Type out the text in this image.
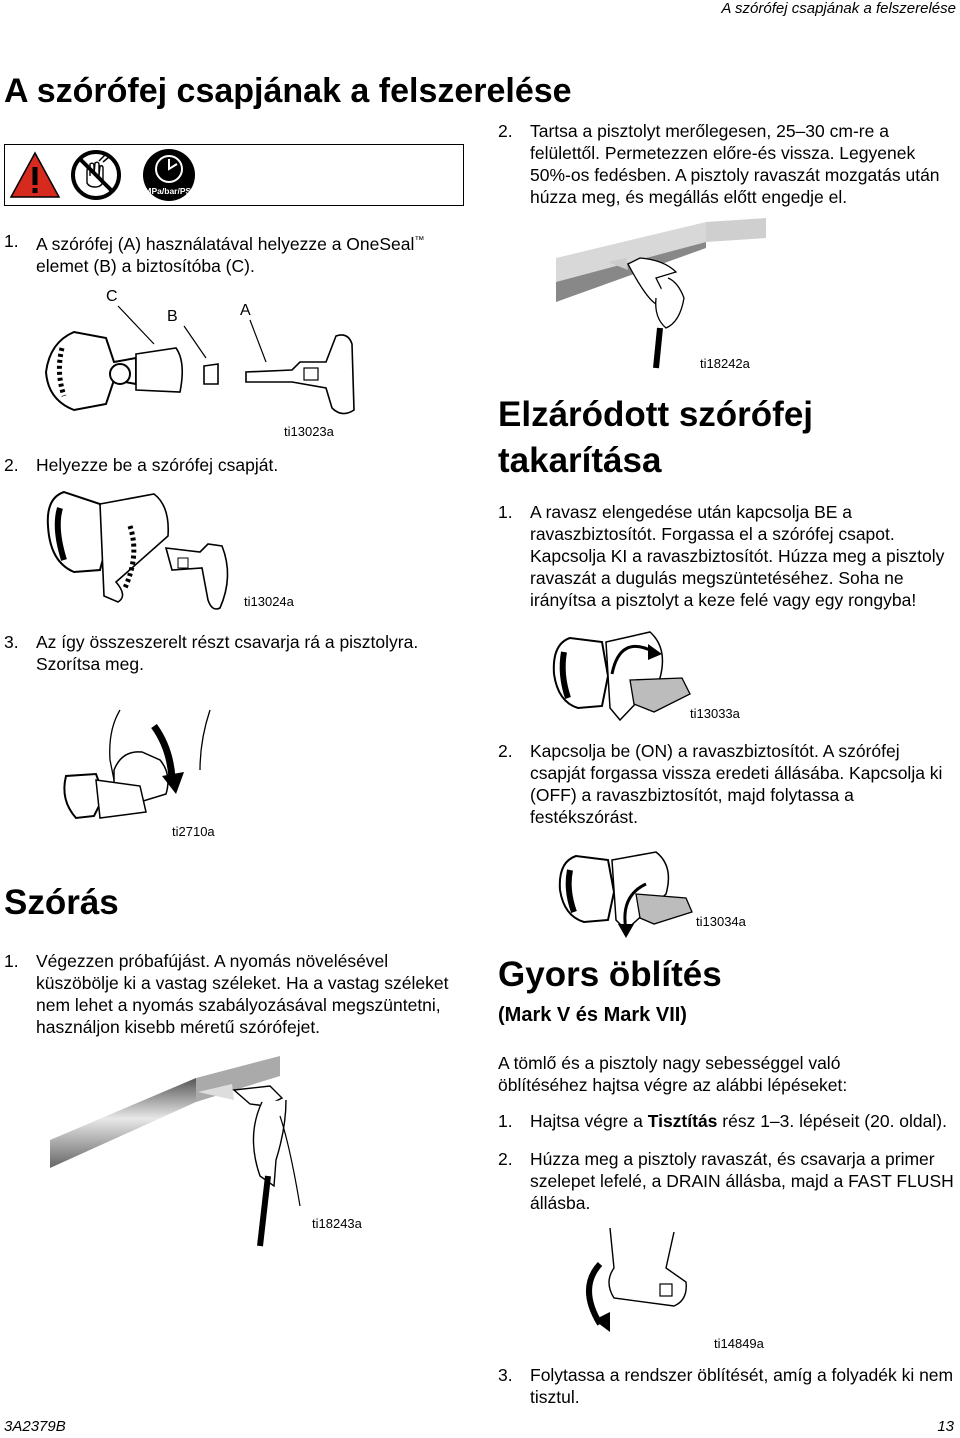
A szórófej csapjának a felszerelése
A szórófej csapjának a felszerelése
MPa/bar/PSI
1. A szórófej (A) használatával helyezze a OneSeal™
elemet (B) a biztosítóba (C).
C
B	A
ti13023a
2. Helyezze be a szórófej csapját.
ti13024a
3. Az így összeszerelt részt csavarja rá a pisztolyra. Szorítsa meg.
ti2710a
Szórás
1. Végezzen próbafújást. A nyomás növelésével küszöbölje ki a vastag széleket. Ha a vastag széleket nem lehet a nyomás szabályozásával megszüntetni, használjon kisebb méretű szórófejet.
ti18243a
2. Tartsa a pisztolyt merőlegesen, 25–30 cm-re a felülettől. Permetezzen előre-és vissza. Legyenek 50%-os fedésben. A pisztoly ravaszát mozgatás után húzza meg, és megállás előtt engedje el.
ti18242a
Elzáródott szórófej
takarítása
1. A ravasz elengedése után kapcsolja BE a ravaszbiztosítót. Forgassa el a szórófej csapot. Kapcsolja KI a ravaszbiztosítót. Húzza meg a pisztoly ravaszát a dugulás megszüntetéséhez. Soha ne irányítsa a pisztolyt a keze felé vagy egy rongyba!
ti13033a
2. Kapcsolja be (ON) a ravaszbiztosítót. A szórófej csapját forgassa vissza eredeti állásába. Kapcsolja ki (OFF) a ravaszbiztosítót, majd folytassa a festékszórást.
ti13034a
Gyors öblítés
(Mark V és Mark VII)
A tömlő és a pisztoly nagy sebességgel való öblítéséhez hajtsa végre az alábbi lépéseket:
1. Hajtsa végre a Tisztítás rész 1–3. lépéseit (20. oldal).
2. Húzza meg a pisztoly ravaszát, és csavarja a primer szelepet lefelé, a DRAIN állásba, majd a FAST FLUSH állásba.
ti14849a
3. Folytassa a rendszer öblítését, amíg a folyadék ki nem tisztul.
3A2379B	13
